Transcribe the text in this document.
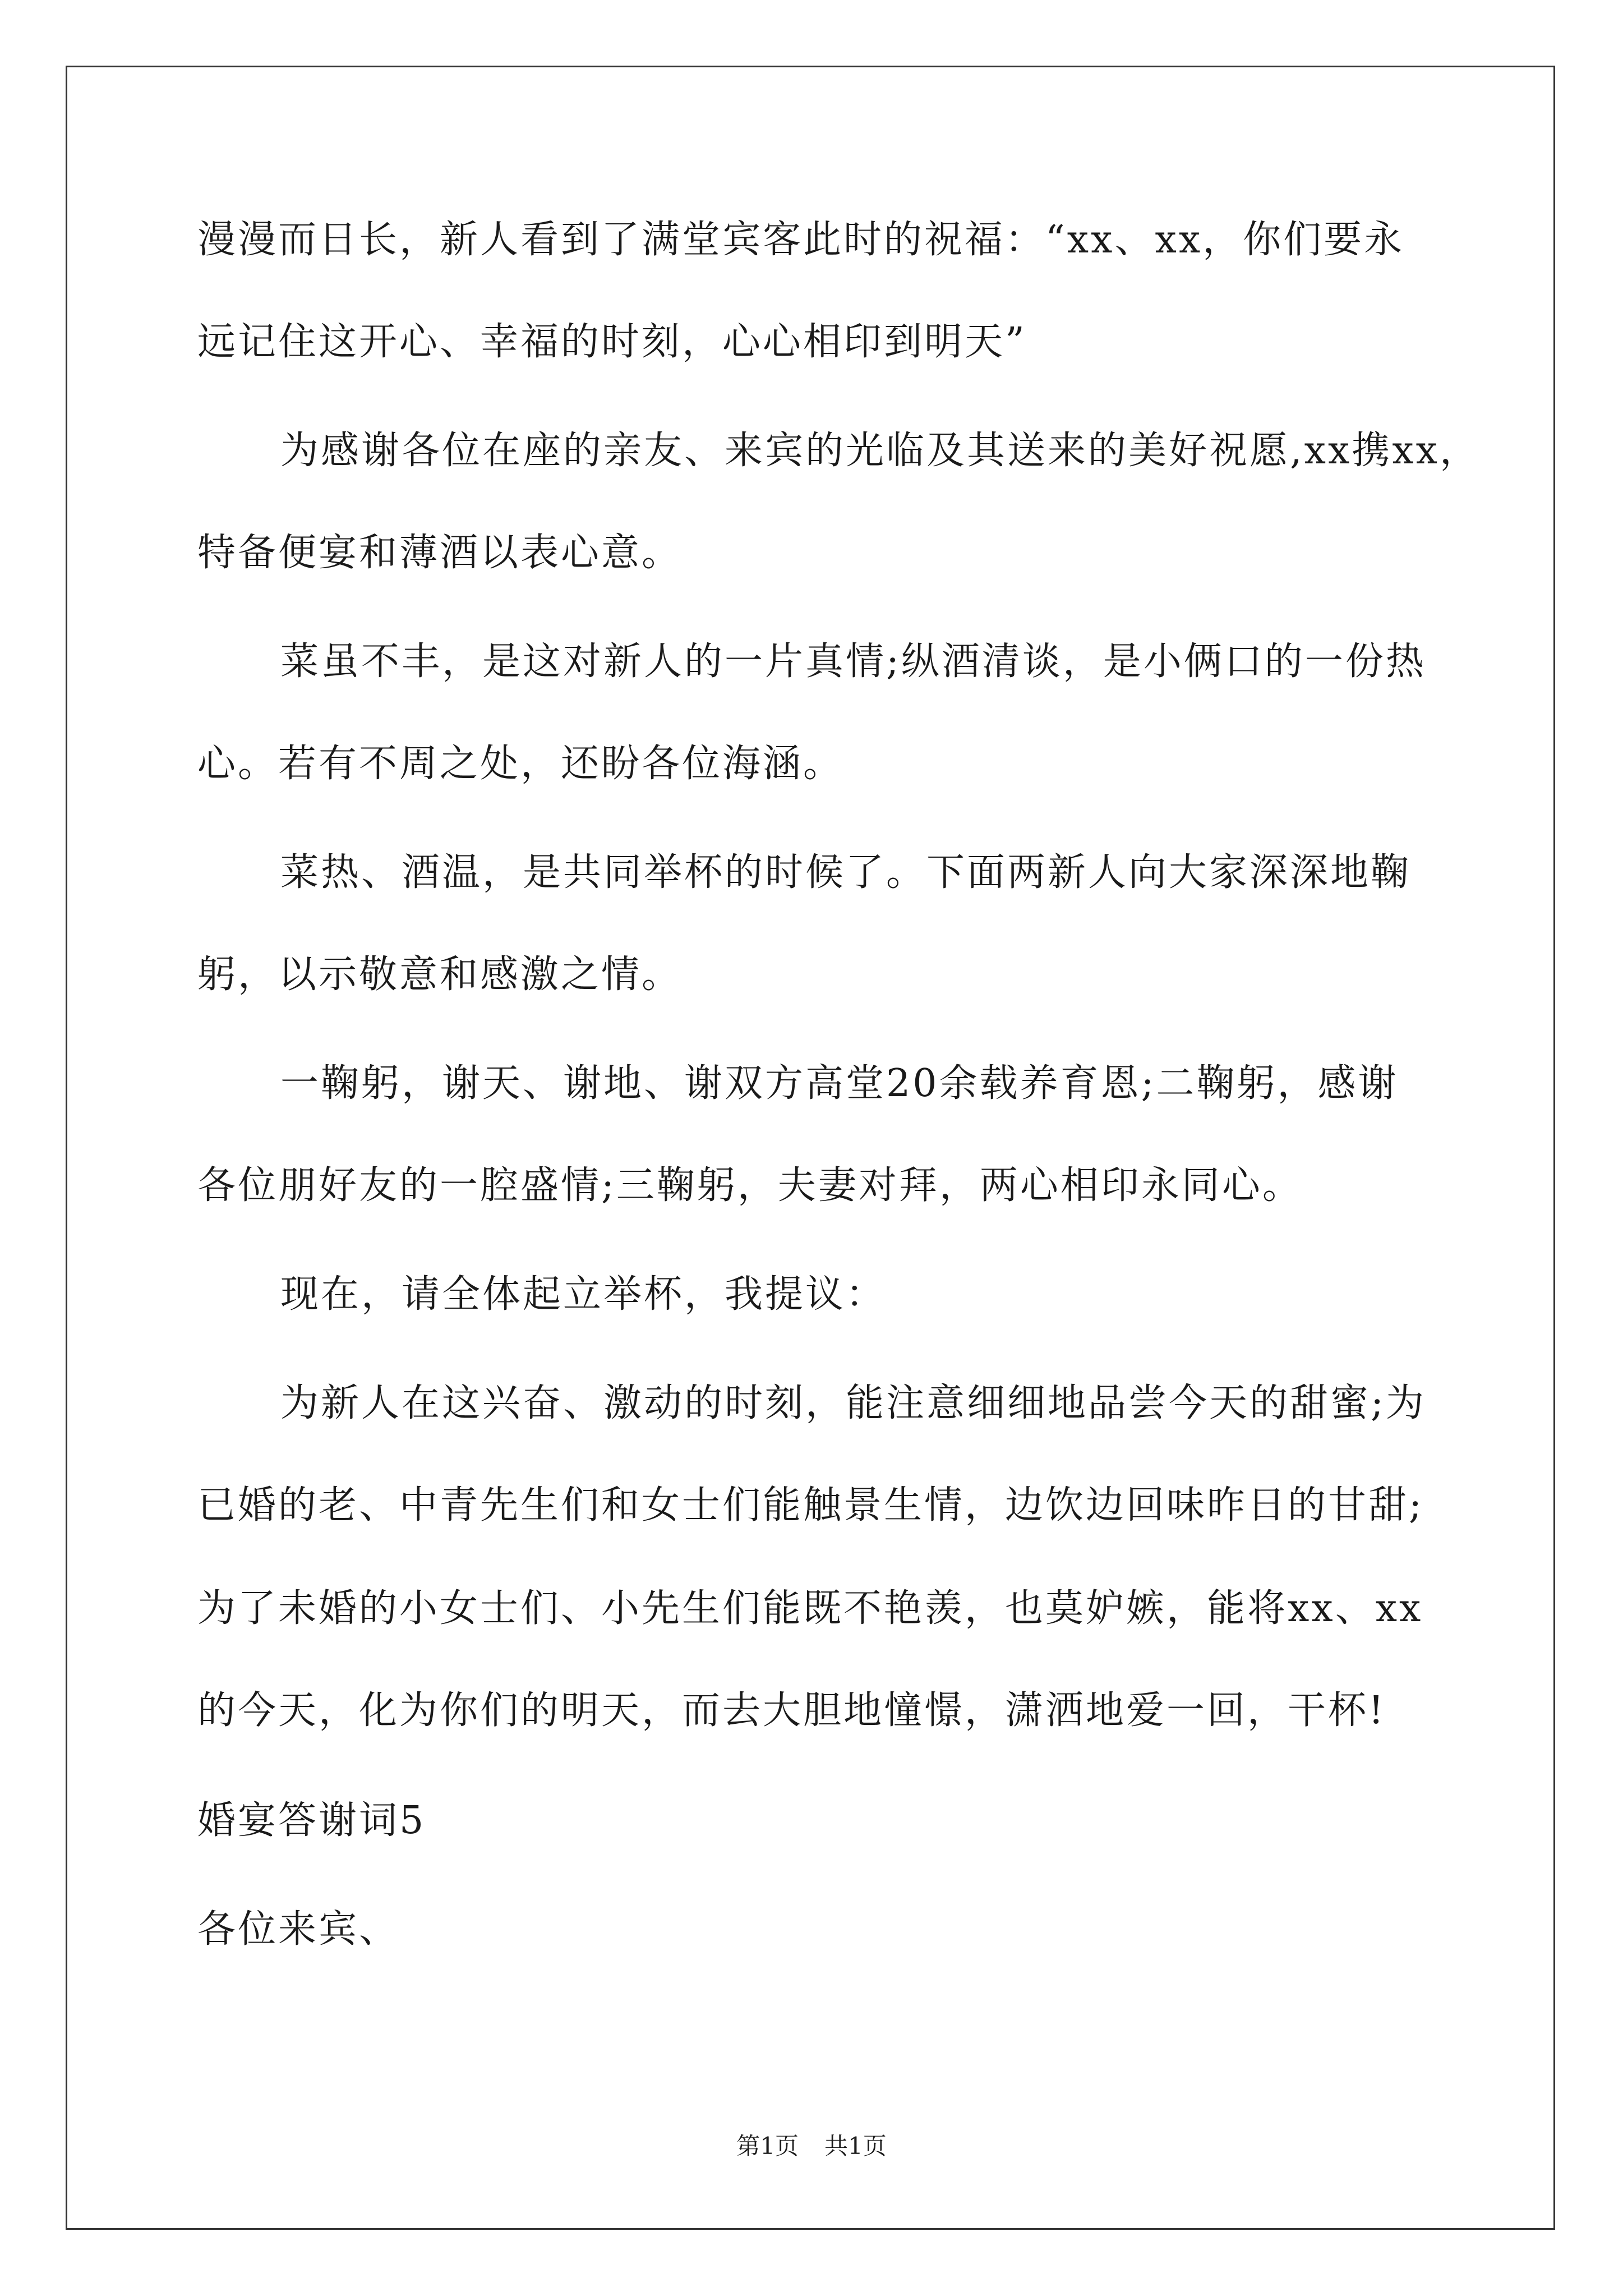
漫漫而日长，新人看到了满堂宾客此时的祝福：“xx、xx，你们要永
远记住这开心、幸福的时刻，心心相印到明天”
为感谢各位在座的亲友、来宾的光临及其送来的美好祝愿,xx携xx，
特备便宴和薄酒以表心意。
菜虽不丰，是这对新人的一片真情;纵酒清谈，是小俩口的一份热
心。若有不周之处，还盼各位海涵。
菜热、酒温，是共同举杯的时候了。下面两新人向大家深深地鞠
躬，以示敬意和感激之情。
一鞠躬，谢天、谢地、谢双方高堂20余载养育恩;二鞠躬，感谢
各位朋好友的一腔盛情;三鞠躬，夫妻对拜，两心相印永同心。
现在，请全体起立举杯，我提议：
为新人在这兴奋、激动的时刻，能注意细细地品尝今天的甜蜜;为
已婚的老、中青先生们和女士们能触景生情，边饮边回味昨日的甘甜;
为了未婚的小女士们、小先生们能既不艳羡，也莫妒嫉，能将xx、xx
的今天，化为你们的明天，而去大胆地憧憬，潇洒地爱一回，干杯!
婚宴答谢词5
各位来宾、
第1页 共1页
